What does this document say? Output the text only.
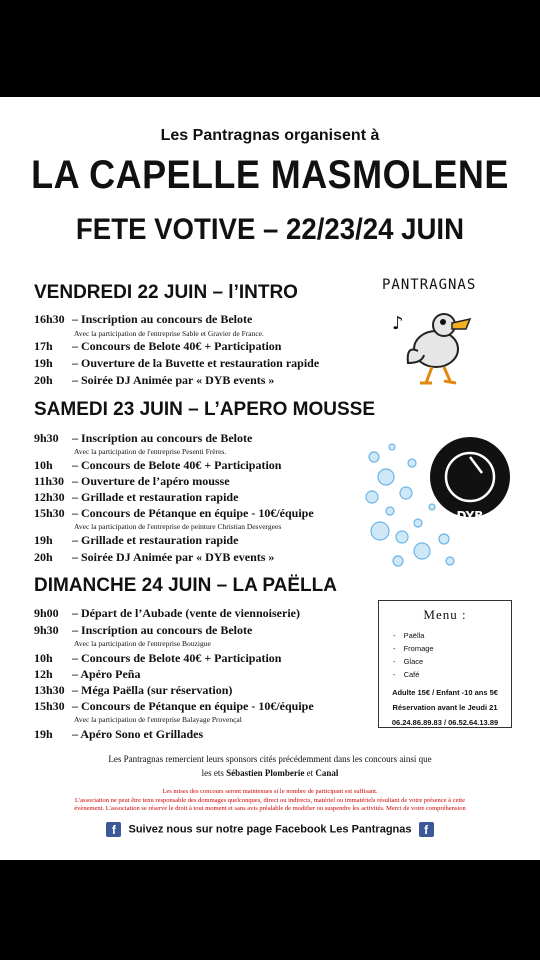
Les Pantragnas organisent à
LA CAPELLE MASMOLENE
FETE VOTIVE – 22/23/24 JUIN
VENDREDI 22 JUIN – l’INTRO
16h30 – Inscription au concours de Belote
Avec la participation de l'entreprise Sable et Gravier de France.
17h – Concours de Belote 40€ + Participation
19h – Ouverture de la Buvette et restauration rapide
20h – Soirée DJ Animée par « DYB events »
SAMEDI 23 JUIN – L’APERO MOUSSE
9h30 – Inscription au concours de Belote
Avec la participation de l'entreprise Pesenti Frères.
10h – Concours de Belote 40€ + Participation
11h30 – Ouverture de l’apéro mousse
12h30 – Grillade et restauration rapide
15h30 – Concours de Pétanque en équipe - 10€/équipe
Avec la participation de l'entreprise de peinture Christian Desvergees
19h – Grillade et restauration rapide
20h – Soirée DJ Animée par « DYB events »
DIMANCHE 24 JUIN – LA PAËLLA
9h00 – Départ de l’Aubade (vente de viennoiserie)
9h30 – Inscription au concours de Belote
Avec la participation de l'entreprise Bouzigue
10h – Concours de Belote 40€ + Participation
12h – Apéro Peña
13h30 – Méga Paëlla (sur réservation)
15h30 – Concours de Pétanque en équipe - 10€/équipe
Avec la participation de l'entreprise Balayage Provençal
19h – Apéro Sono et Grillades
PANTRAGNAS
♪
DYB
Menu :
- Paëlla
- Fromage
- Glace
- Café
Adulte 15€ / Enfant -10 ans 5€
Réservation avant le Jeudi 21
06.24.86.89.83 / 06.52.64.13.89
Les Pantragnas remercient leurs sponsors cités précédemment dans les concours ainsi que
les ets Sébastien Plomberie et Canal
Les mises des concours seront maintenues si le nombre de participant est suffisant.
L'association ne peut être tenu responsable des dommages quelconques, direct ou indirects, matériel ou immatériels résultant de votre présence à cette
évènement. L'association se réserve le droit à tout moment et sans avis préalable de modifier ou suspendre les activités. Merci de votre compréhension
f Suivez nous sur notre page Facebook Les Pantragnas f
